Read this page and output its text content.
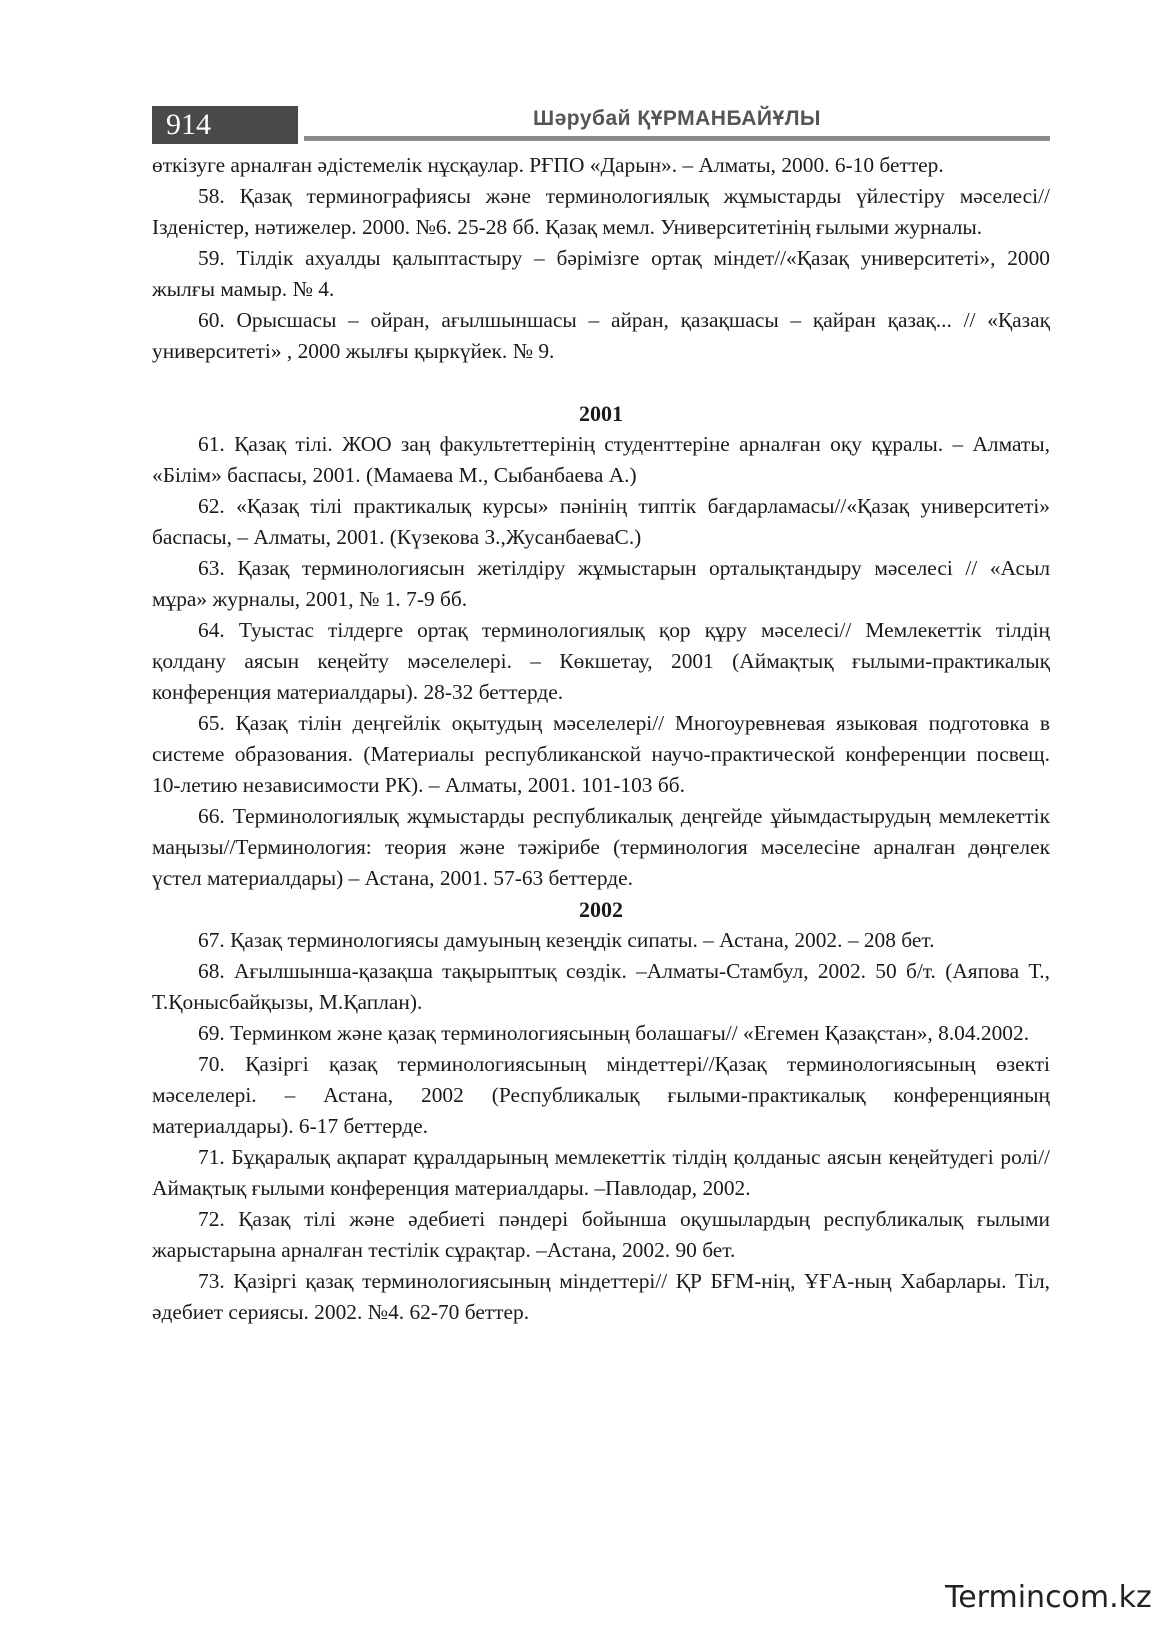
914	Шәрубай ҚҰРМАНБАЙҰЛЫ

өткізуге арналған әдістемелік нұсқаулар. РҒПО «Дарын». – Алматы, 2000. 6-10 беттер.

58. Қазақ терминографиясы және терминологиялық жұмыстарды үйлестіру мәселесі//Ізденістер, нәтижелер. 2000. №6. 25-28 бб. Қазақ мемл. Университетінің ғылыми журналы.

59. Тілдік ахуалды қалыптастыру – бәрімізге ортақ міндет//«Қазақ университеті», 2000 жылғы мамыр. № 4.

60. Орысшасы – ойран, ағылшыншасы – айран, қазақшасы – қайран қазақ... // «Қазақ университеті» , 2000 жылғы қыркүйек. № 9.

2001

61. Қазақ тілі. ЖОО заң факультеттерінің студенттеріне арналған оқу құралы. – Алматы, «Білім» баспасы, 2001. (Мамаева М., Сыбанбаева А.)

62. «Қазақ тілі практикалық курсы» пәнінің типтік бағдарламасы//«Қазақ университеті» баспасы, – Алматы, 2001. (Күзекова З.,ЖусанбаеваС.)

63. Қазақ терминологиясын жетілдіру жұмыстарын орталықтандыру мәселесі // «Асыл мұра» журналы, 2001, № 1. 7-9 бб.

64. Туыстас тілдерге ортақ терминологиялық қор құру мәселесі// Мемлекеттік тілдің қолдану аясын кеңейту мәселелері. – Көкшетау, 2001 (Аймақтық ғылыми-практикалық конференция материалдары). 28-32 беттерде.

65. Қазақ тілін деңгейлік оқытудың мәселелері// Многоуревневая языковая подготовка в системе образования. (Материалы республиканской научо-практической конференции посвещ. 10-летию независимости РК). – Алматы, 2001. 101-103 бб.

66. Терминологиялық жұмыстарды республикалық деңгейде ұйымдастырудың мемлекеттік маңызы//Терминология: теория және тәжірибе (терминология мәселесіне арналған дөңгелек үстел материалдары) – Астана, 2001. 57-63 беттерде.

2002

67. Қазақ терминологиясы дамуының кезеңдік сипаты. – Астана, 2002. – 208 бет.

68. Ағылшынша-қазақша тақырыптық сөздік. –Алматы-Стамбул, 2002. 50 б/т. (Аяпова Т., Т.Қонысбайқызы, М.Қаплан).

69. Терминком және қазақ терминологиясының болашағы// «Егемен Қазақстан», 8.04.2002.

70. Қазіргі қазақ терминологиясының міндеттері//Қазақ терминологиясының өзекті мәселелері. – Астана, 2002 (Республикалық ғылыми-практикалық конференцияның материалдары). 6-17 беттерде.

71. Бұқаралық ақпарат құралдарының мемлекеттік тілдің қолданыс аясын кеңейтудегі ролі// Аймақтық ғылыми конференция материалдары. –Павлодар, 2002.

72. Қазақ тілі және әдебиеті пәндері бойынша оқушылардың республикалық ғылыми жарыстарына арналған тестілік сұрақтар. –Астана, 2002. 90 бет.

73. Қазіргі қазақ терминологиясының міндеттері// ҚР БҒМ-нің, ҰҒА-ның Хабарлары. Тіл, әдебиет сериясы. 2002. №4. 62-70 беттер.

Termincom.kz
